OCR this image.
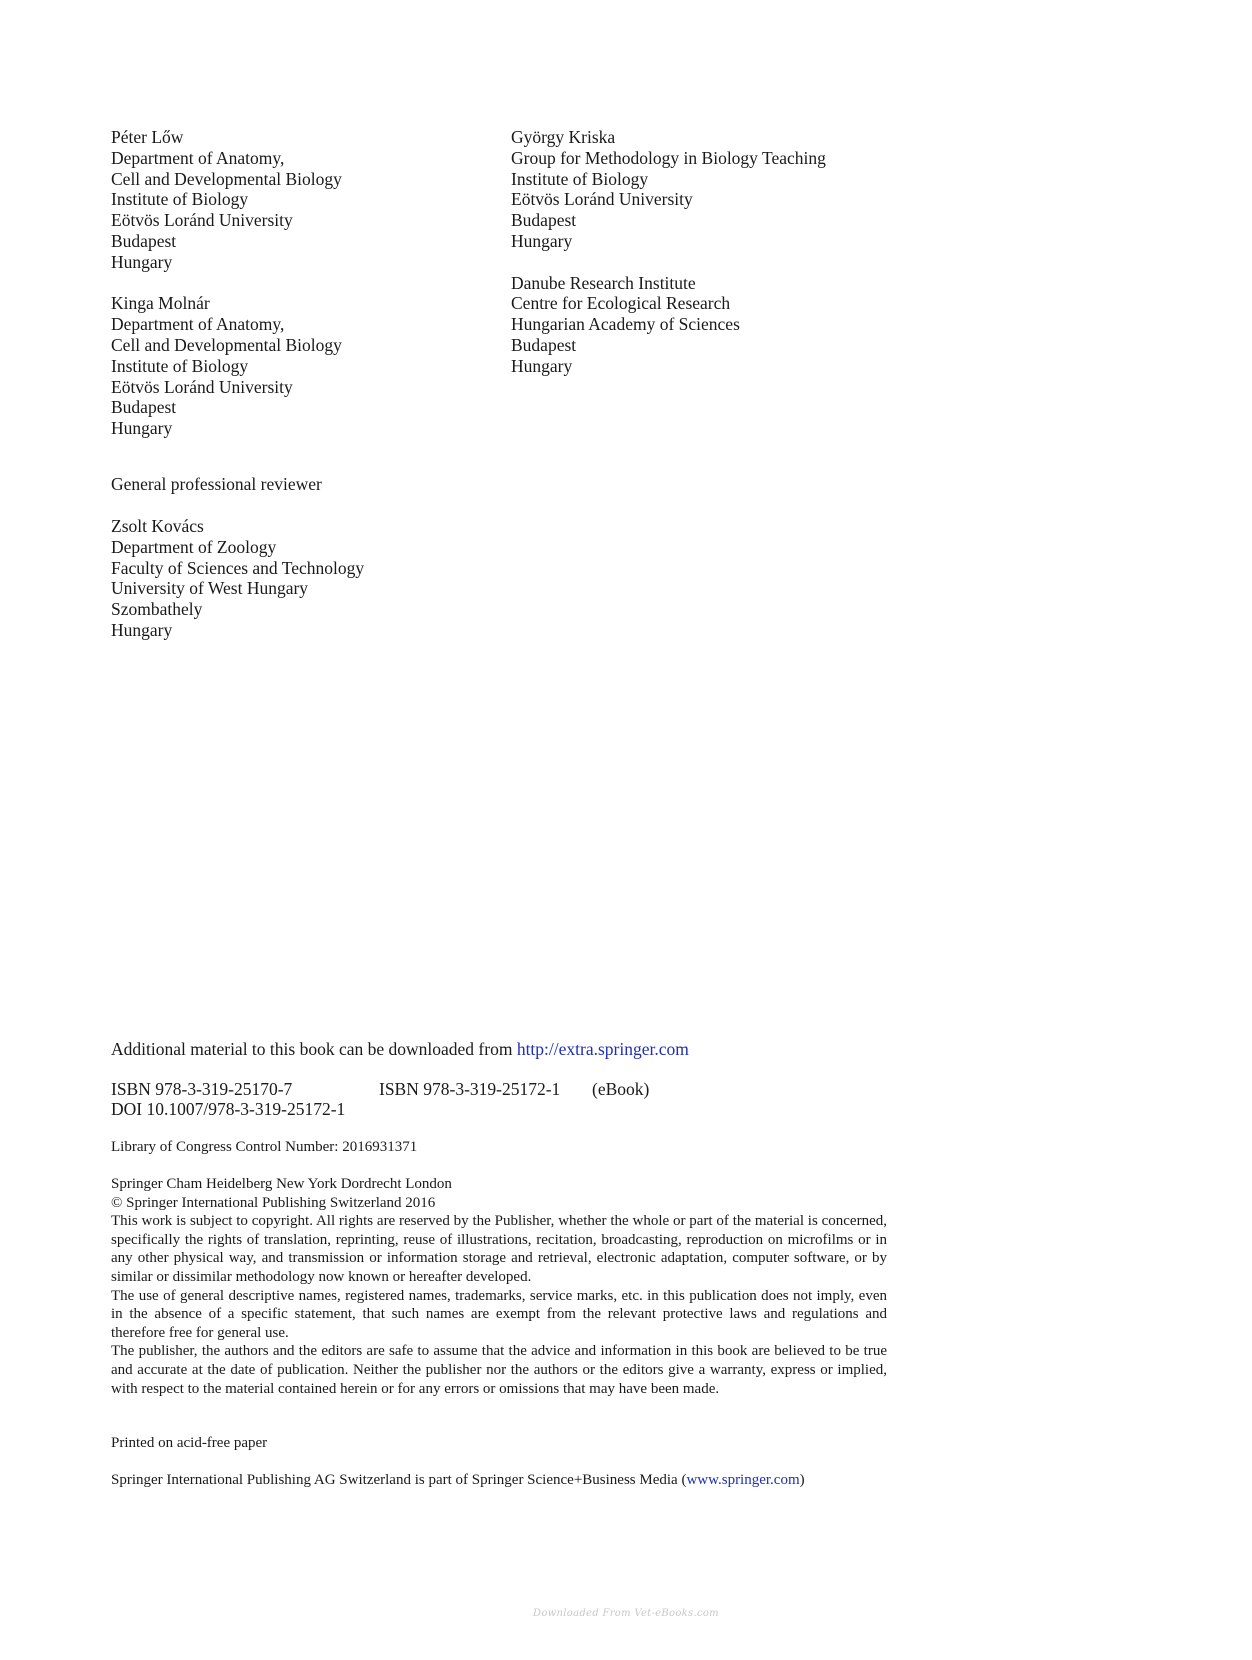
Péter Lőw
Department of Anatomy,
Cell and Developmental Biology
Institute of Biology
Eötvös Loránd University
Budapest
Hungary
Kinga Molnár
Department of Anatomy,
Cell and Developmental Biology
Institute of Biology
Eötvös Loránd University
Budapest
Hungary
György Kriska
Group for Methodology in Biology Teaching
Institute of Biology
Eötvös Loránd University
Budapest
Hungary
Danube Research Institute
Centre for Ecological Research
Hungarian Academy of Sciences
Budapest
Hungary
General professional reviewer
Zsolt Kovács
Department of Zoology
Faculty of Sciences and Technology
University of West Hungary
Szombathely
Hungary
Additional material to this book can be downloaded from http://extra.springer.com
ISBN 978-3-319-25170-7	ISBN 978-3-319-25172-1 (eBook)
DOI 10.1007/978-3-319-25172-1
Library of Congress Control Number: 2016931371
Springer Cham Heidelberg New York Dordrecht London
© Springer International Publishing Switzerland 2016
This work is subject to copyright. All rights are reserved by the Publisher, whether the whole or part of the material is concerned, specifically the rights of translation, reprinting, reuse of illustrations, recitation, broadcasting, reproduction on microfilms or in any other physical way, and transmission or information storage and retrieval, electronic adaptation, computer software, or by similar or dissimilar methodology now known or hereafter developed.
The use of general descriptive names, registered names, trademarks, service marks, etc. in this publication does not imply, even in the absence of a specific statement, that such names are exempt from the relevant protective laws and regulations and therefore free for general use.
The publisher, the authors and the editors are safe to assume that the advice and information in this book are believed to be true and accurate at the date of publication. Neither the publisher nor the authors or the editors give a warranty, express or implied, with respect to the material contained herein or for any errors or omissions that may have been made.
Printed on acid-free paper
Springer International Publishing AG Switzerland is part of Springer Science+Business Media (www.springer.com)
Downloaded From Vet-eBooks.com
